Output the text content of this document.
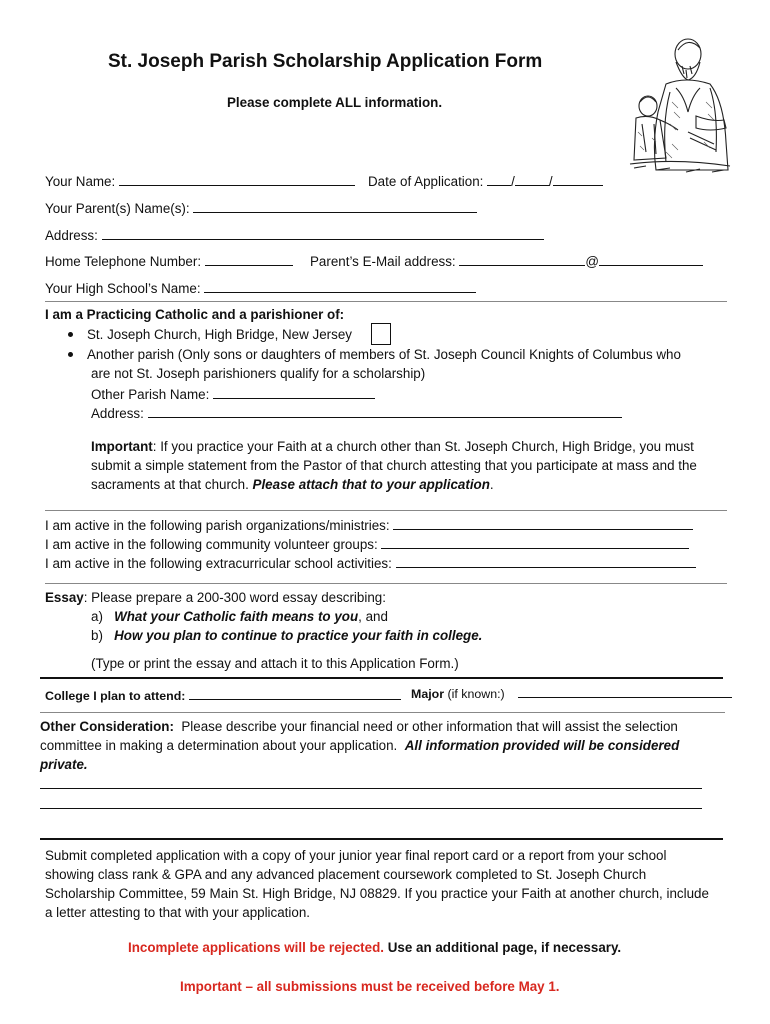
St. Joseph Parish Scholarship Application Form
Please complete ALL information.
Your Name:	Date of Application: /	/
Your Parent(s) Name(s):
Address:
Home Telephone Number:	Parent’s E-Mail address:	@
Your High School’s Name:
I am a Practicing Catholic and a parishioner of:
St. Joseph Church, High Bridge, New Jersey
Another parish (Only sons or daughters of members of St. Joseph Council Knights of Columbus who
are not St. Joseph parishioners qualify for a scholarship)
Other Parish Name:
Address:
Important: If you practice your Faith at a church other than St. Joseph Church, High Bridge, you must submit a simple statement from the Pastor of that church attesting that you participate at mass and the sacraments at that church. Please attach that to your application.
I am active in the following parish organizations/ministries:
I am active in the following community volunteer groups:
I am active in the following extracurricular school activities:
Essay: Please prepare a 200-300 word essay describing:
a) What your Catholic faith means to you, and
b) How you plan to continue to practice your faith in college.
(Type or print the essay and attach it to this Application Form.)
College I plan to attend:	Major (if known:)
Other Consideration: Please describe your financial need or other information that will assist the selection committee in making a determination about your application. All information provided will be considered private.
Submit completed application with a copy of your junior year final report card or a report from your school showing class rank & GPA and any advanced placement coursework completed to St. Joseph Church Scholarship Committee, 59 Main St. High Bridge, NJ 08829. If you practice your Faith at another church, include a letter attesting to that with your application.
Incomplete applications will be rejected. Use an additional page, if necessary.
Important – all submissions must be received before May 1.
